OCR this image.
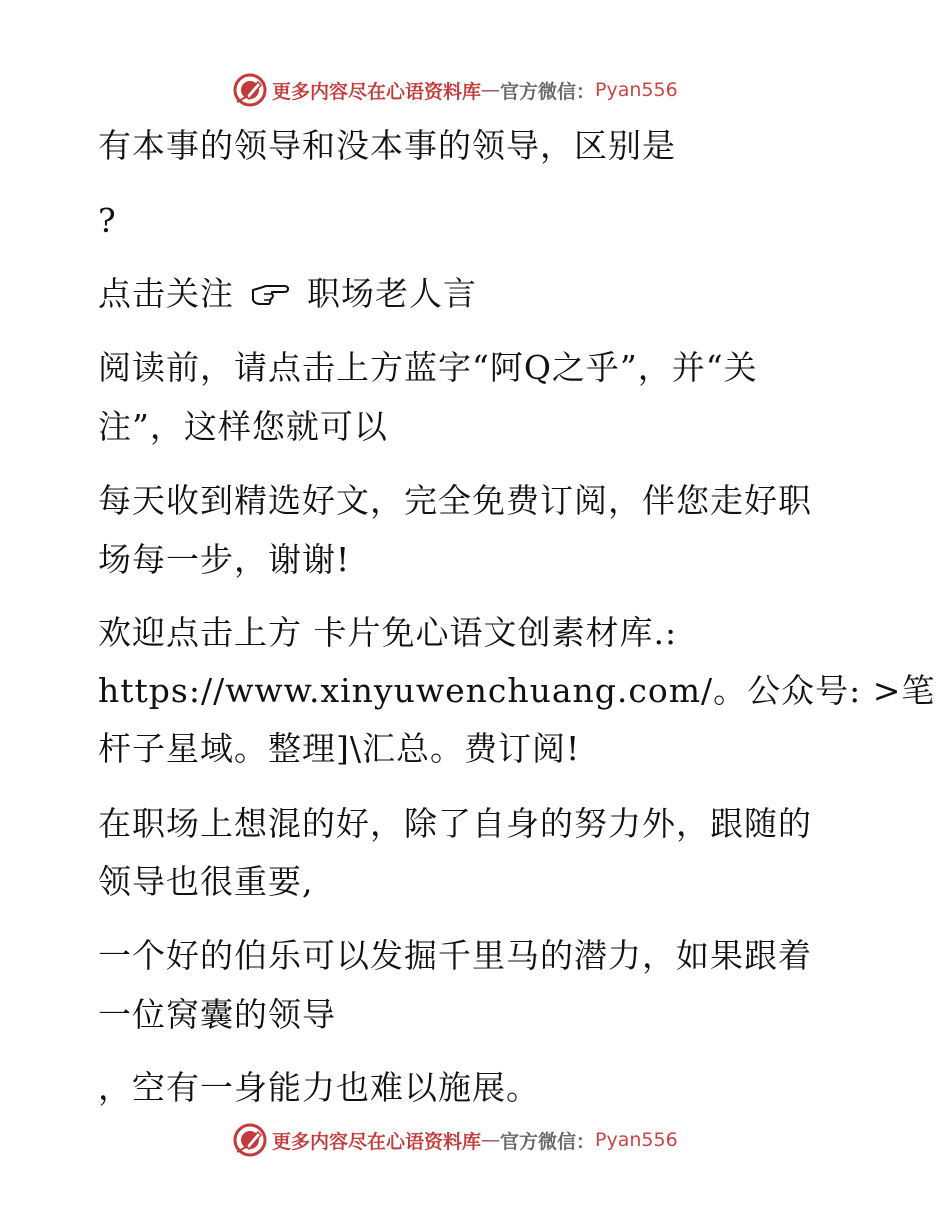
更多内容尽在心语资料库 — 官方微信： Pyan556
有本事的领导和没本事的领导，区别是
?
点击关注  职场老人言
阅读前，请点击上方蓝字“阿Q之乎”，并“关
注”，这样您就可以
每天收到精选好文，完全免费订阅，伴您走好职
场每一步，谢谢!
欢迎点击上方 卡片免心语文创素材库.:
https://www.xinyuwenchuang.com/。公众号: >笔
杆子星域。整理]\汇总。费订阅!
在职场上想混的好，除了自身的努力外，跟随的
领导也很重要,
一个好的伯乐可以发掘千里马的潜力，如果跟着
一位窝囊的领导
，空有一身能力也难以施展。
更多内容尽在心语资料库 — 官方微信： Pyan556
